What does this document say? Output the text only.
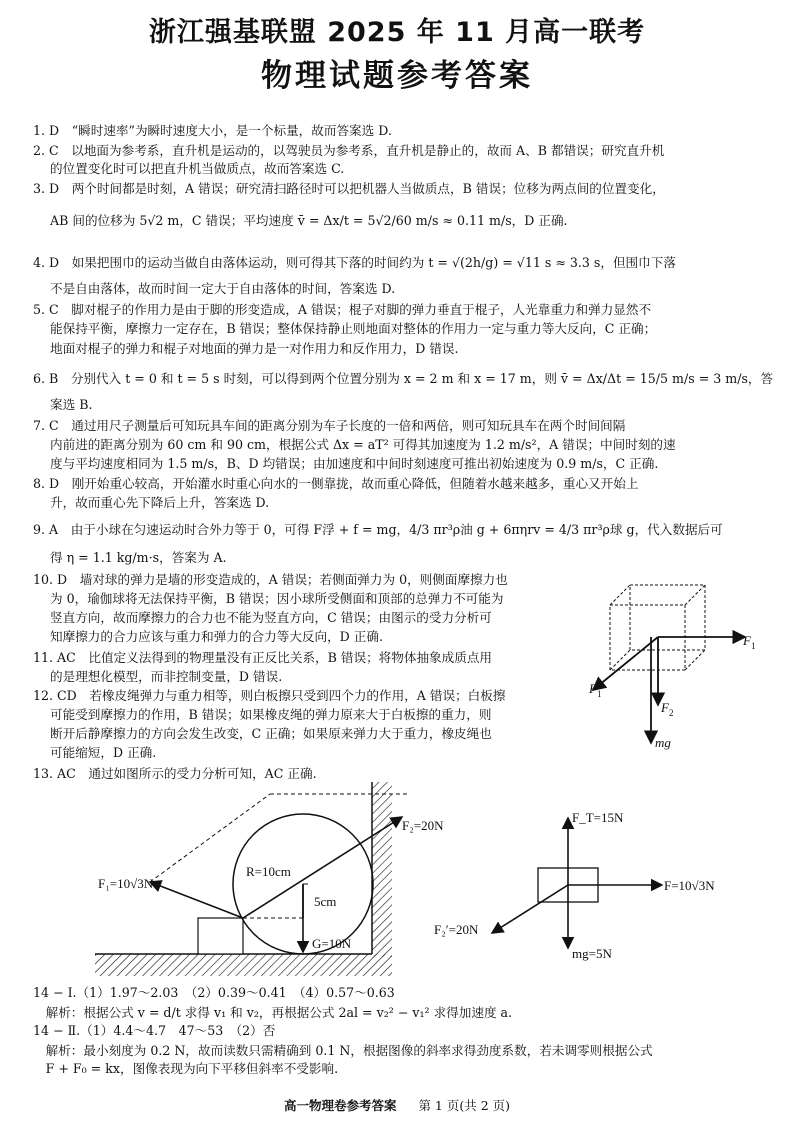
浙江强基联盟 2025 年 11 月高一联考
物理试题参考答案
1. D　“瞬时速率”为瞬时速度大小，是一个标量，故而答案选 D.
2. C　以地面为参考系，直升机是运动的，以驾驶员为参考系，直升机是静止的，故而 A、B 都错误；研究直升机
的位置变化时可以把直升机当做质点，故而答案选 C.
3. D　两个时间都是时刻，A 错误；研究清扫路径时可以把机器人当做质点，B 错误；位移为两点间的位置变化，
AB 间的位移为 5√2 m，C 错误；平均速度 v̄ = Δx/t = 5√2/60 m/s ≈ 0.11 m/s，D 正确.
4. D　如果把围巾的运动当做自由落体运动，则可得其下落的时间约为 t = √(2h/g) = √11 s ≈ 3.3 s，但围巾下落
不是自由落体，故而时间一定大于自由落体的时间，答案选 D.
5. C　脚对棍子的作用力是由于脚的形变造成，A 错误；棍子对脚的弹力垂直于棍子，人光靠重力和弹力显然不
能保持平衡，摩擦力一定存在，B 错误；整体保持静止则地面对整体的作用力一定与重力等大反向，C 正确；
地面对棍子的弹力和棍子对地面的弹力是一对作用力和反作用力，D 错误.
6. B　分别代入 t = 0 和 t = 5 s 时刻，可以得到两个位置分别为 x = 2 m 和 x = 17 m，则 v̄ = Δx/Δt = 15/5 m/s = 3 m/s，答
案选 B.
7. C　通过用尺子测量后可知玩具车间的距离分别为车子长度的一倍和两倍，则可知玩具车在两个时间间隔
内前进的距离分别为 60 cm 和 90 cm，根据公式 Δx = aT² 可得其加速度为 1.2 m/s²，A 错误；中间时刻的速
度与平均速度相同为 1.5 m/s，B、D 均错误；由加速度和中间时刻速度可推出初始速度为 0.9 m/s，C 正确.
8. D　刚开始重心较高，开始灌水时重心向水的一侧靠拢，故而重心降低，但随着水越来越多，重心又开始上
升，故而重心先下降后上升，答案选 D.
9. A　由于小球在匀速运动时合外力等于 0，可得 F浮 + f = mg，4/3 πr³ρ油 g + 6πηrv = 4/3 πr³ρ球 g，代入数据后可
得 η = 1.1 kg/m·s，答案为 A.
10. D　墙对球的弹力是墙的形变造成的，A 错误；若侧面弹力为 0，则侧面摩擦力也
为 0，瑜伽球将无法保持平衡，B 错误；因小球所受侧面和顶部的总弹力不可能为
竖直方向，故而摩擦力的合力也不能为竖直方向，C 错误；由图示的受力分析可
知摩擦力的合力应该与重力和弹力的合力等大反向，D 正确.
11. AC　比值定义法得到的物理量没有正反比关系，B 错误；将物体抽象成质点用
的是理想化模型，而非控制变量，D 错误.
12. CD　若橡皮绳弹力与重力相等，则白板擦只受到四个力的作用，A 错误；白板擦
可能受到摩擦力的作用，B 错误；如果橡皮绳的弹力原来大于白板擦的重力，则
断开后静摩擦力的方向会发生改变，C 正确；如果原来弹力大于重力，橡皮绳也
可能缩短，D 正确.
13. AC　通过如图所示的受力分析可知，AC 正确.
14 − Ⅰ.（1）1.97～2.03　（2）0.39～0.41　（4）0.57～0.63
　解析：根据公式 v = d/t 求得 v₁ 和 v₂，再根据公式 2al = v₂² − v₁² 求得加速度 a.
14 − Ⅱ.（1）4.4～4.7　47～53　（2）否
　解析：最小刻度为 0.2 N，故而读数只需精确到 0.1 N，根据图像的斜率求得劲度系数，若未调零则根据公式
　F + F₀ = kx，图像表现为向下平移但斜率不受影响.
F 1
F 2
F 1
mg
F₂=20N
F₁=10√3N
R=10cm
5cm
G=10N
F_T=15N
F=10√3N
F₂′=20N
mg=5N
高一物理卷参考答案 第 1 页(共 2 页)
